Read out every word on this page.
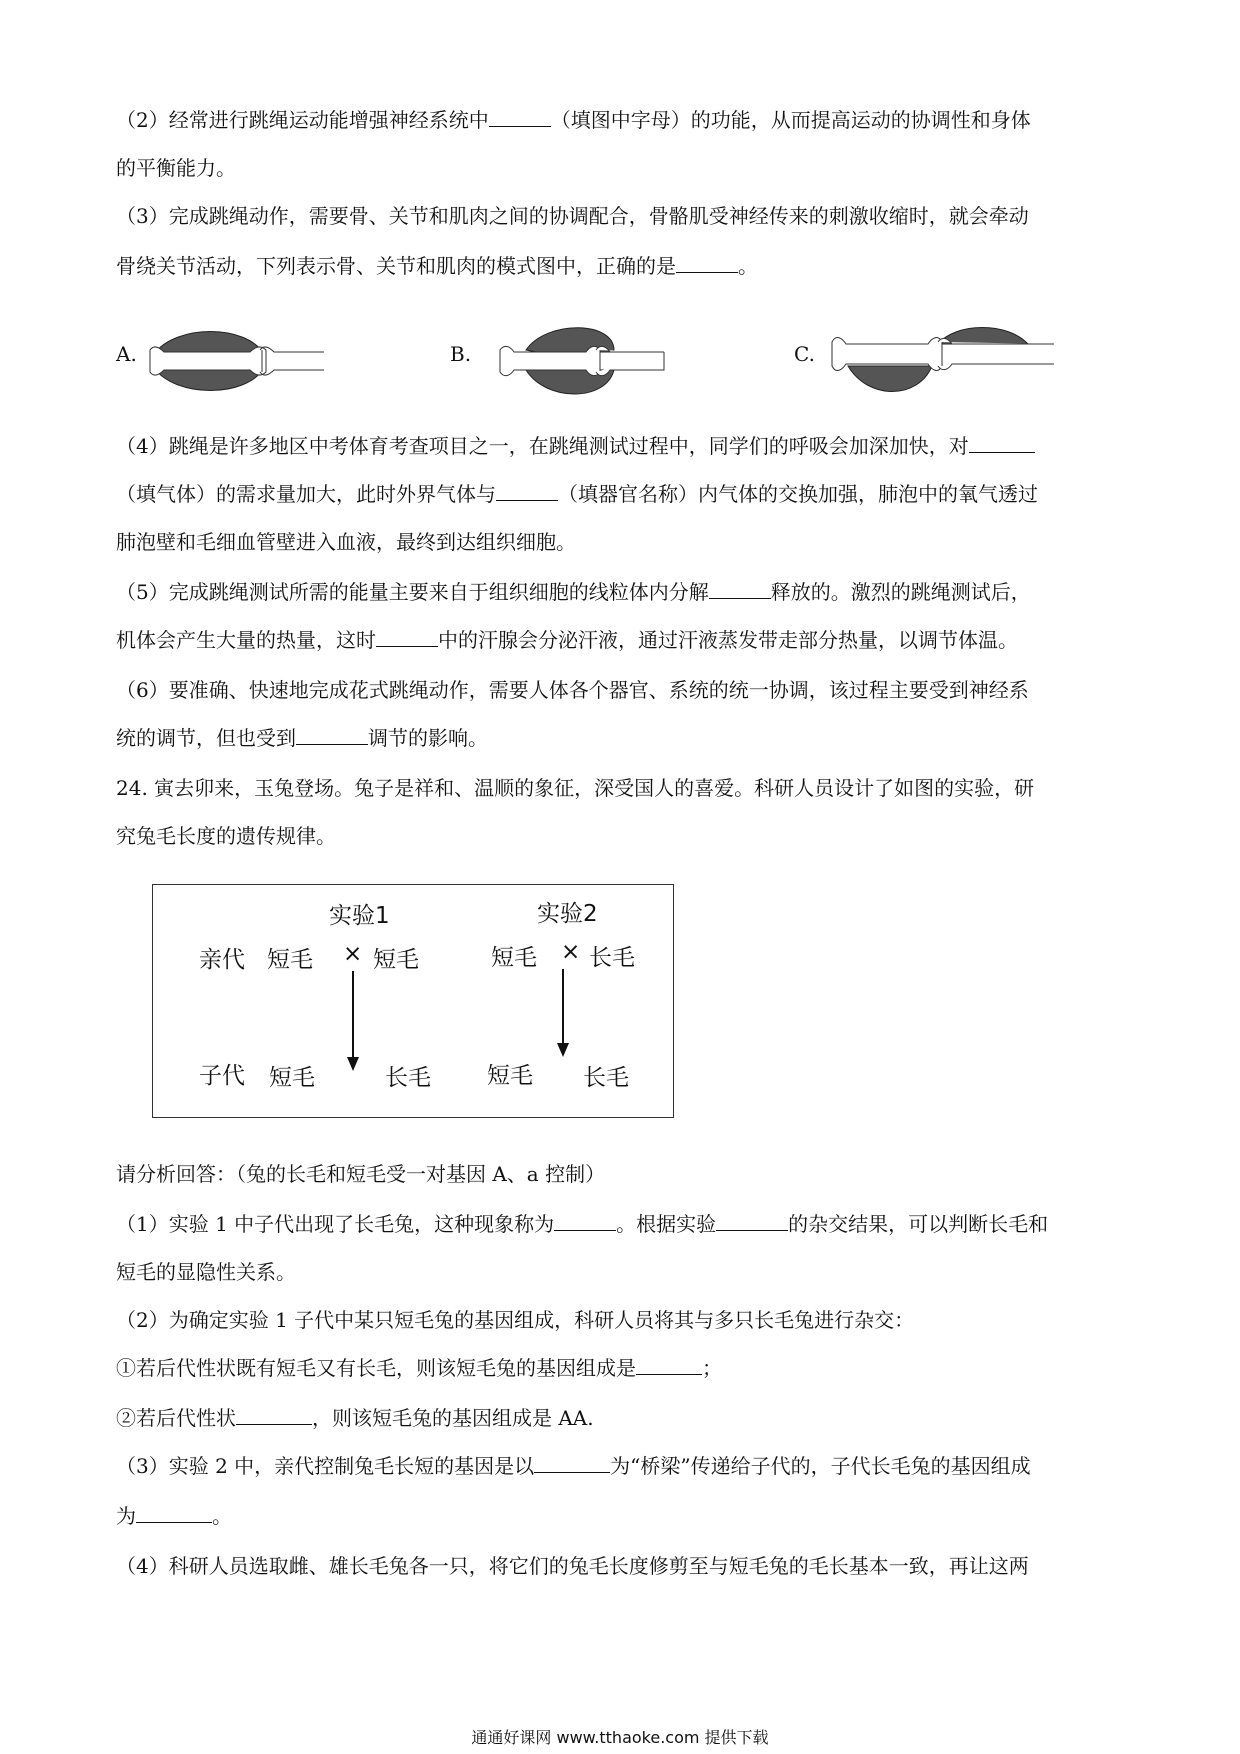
（2）经常进行跳绳运动能增强神经系统中	（填图中字母）的功能，从而提高运动的协调性和身体
的平衡能力。
（3）完成跳绳动作，需要骨、关节和肌肉之间的协调配合，骨骼肌受神经传来的刺激收缩时，就会牵动
骨绕关节活动，下列表示骨、关节和肌肉的模式图中，正确的是	。
A.	B.	C.
（4）跳绳是许多地区中考体育考查项目之一，在跳绳测试过程中，同学们的呼吸会加深加快，对
（填气体）的需求量加大，此时外界气体与	（填器官名称）内气体的交换加强，肺泡中的氧气透过
肺泡壁和毛细血管壁进入血液，最终到达组织细胞。
（5）完成跳绳测试所需的能量主要来自于组织细胞的线粒体内分解	释放的。激烈的跳绳测试后，
机体会产生大量的热量，这时	中的汗腺会分泌汗液，通过汗液蒸发带走部分热量，以调节体温。
（6）要准确、快速地完成花式跳绳动作，需要人体各个器官、系统的统一协调，该过程主要受到神经系
统的调节，但也受到	调节的影响。
24. 寅去卯来，玉兔登场。兔子是祥和、温顺的象征，深受国人的喜爱。科研人员设计了如图的实验，研
究兔毛长度的遗传规律。
实验1	实验2
亲代 短毛 × 短毛	短毛 × 长毛
子代 短毛	长毛 短毛 长毛
请分析回答：（兔的长毛和短毛受一对基因 A、a 控制）
（1）实验 1 中子代出现了长毛兔，这种现象称为	。根据实验	的杂交结果，可以判断长毛和
短毛的显隐性关系。
（2）为确定实验 1 子代中某只短毛兔的基因组成，科研人员将其与多只长毛兔进行杂交：
①若后代性状既有短毛又有长毛，则该短毛兔的基因组成是	；
②若后代性状	，则该短毛兔的基因组成是 AA.
（3）实验 2 中，亲代控制兔毛长短的基因是以	为“桥梁”传递给子代的，子代长毛兔的基因组成
为	。
（4）科研人员选取雌、雄长毛兔各一只，将它们的兔毛长度修剪至与短毛兔的毛长基本一致，再让这两
通通好课网 www.tthaoke.com 提供下载
